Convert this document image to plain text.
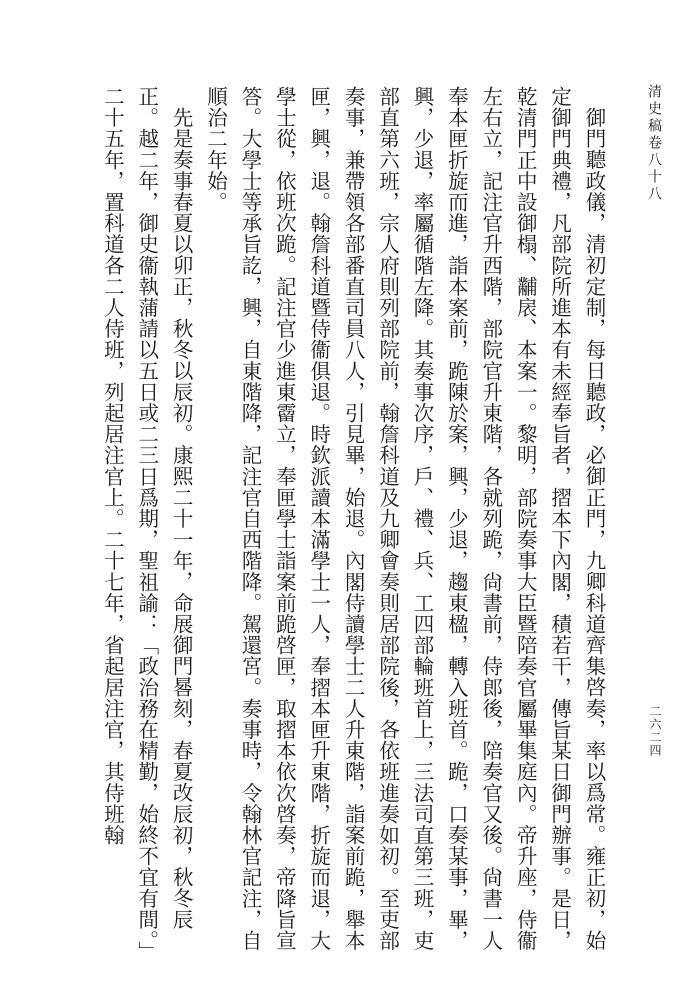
清史稿卷八十八
二六二四

御門聽政儀，清初定制，每日聽政，必御正門，九卿科道齊集啓奏，率以爲常。雍正初，始定御門典禮，凡部院所進本有未經奉旨者，摺本下內閣，積若干，傳旨某日御門辦事。是日，乾清門正中設御榻、黼扆、本案一。黎明，部院奏事大臣暨陪奏官屬畢集庭內。帝升座，侍衞左右立，記注官升西階，部院官升東階，各就列跪，尙書前，侍郎後，陪奏官又後。尙書一人奉本匣折旋而進，詣本案前，跪陳於案，興，少退，趨東楹，轉入班首。跪，口奏某事，畢，興，少退，率屬循階左降。其奏事次序，戶、禮、兵、工四部輪班首上，三法司直第三班，吏部直第六班，宗人府則列部院前，翰詹科道及九卿會奏則居部院後，各依班進奏如初。至吏部奏事，兼帶領各部番直司員八人，引見畢，始退。內閣侍讀學士二人升東階，詣案前跪，舉本匣，興，退。翰詹科道暨侍衞俱退。時欽派讀本滿學士一人，奉摺本匣升東階，折旋而退，大學士從，依班次跪。記注官少進東霤立，奉匣學士詣案前跪啓匣，取摺本依次啓奏，帝降旨宣答。大學士等承旨訖，興，自東階降，記注官自西階降。駕還宮。奏事時，令翰林官記注，自順治二年始。

先是奏事春夏以卯正，秋冬以辰初。康熙二十一年，命展御門晷刻，春夏改辰初，秋冬辰正。越二年，御史衞執蒲請以五日或二三日爲期，聖祖諭：「政治務在精勤，始終不宜有間。」二十五年，置科道各二人侍班，列起居注官上。二十七年，省起居注官，其侍班翰
